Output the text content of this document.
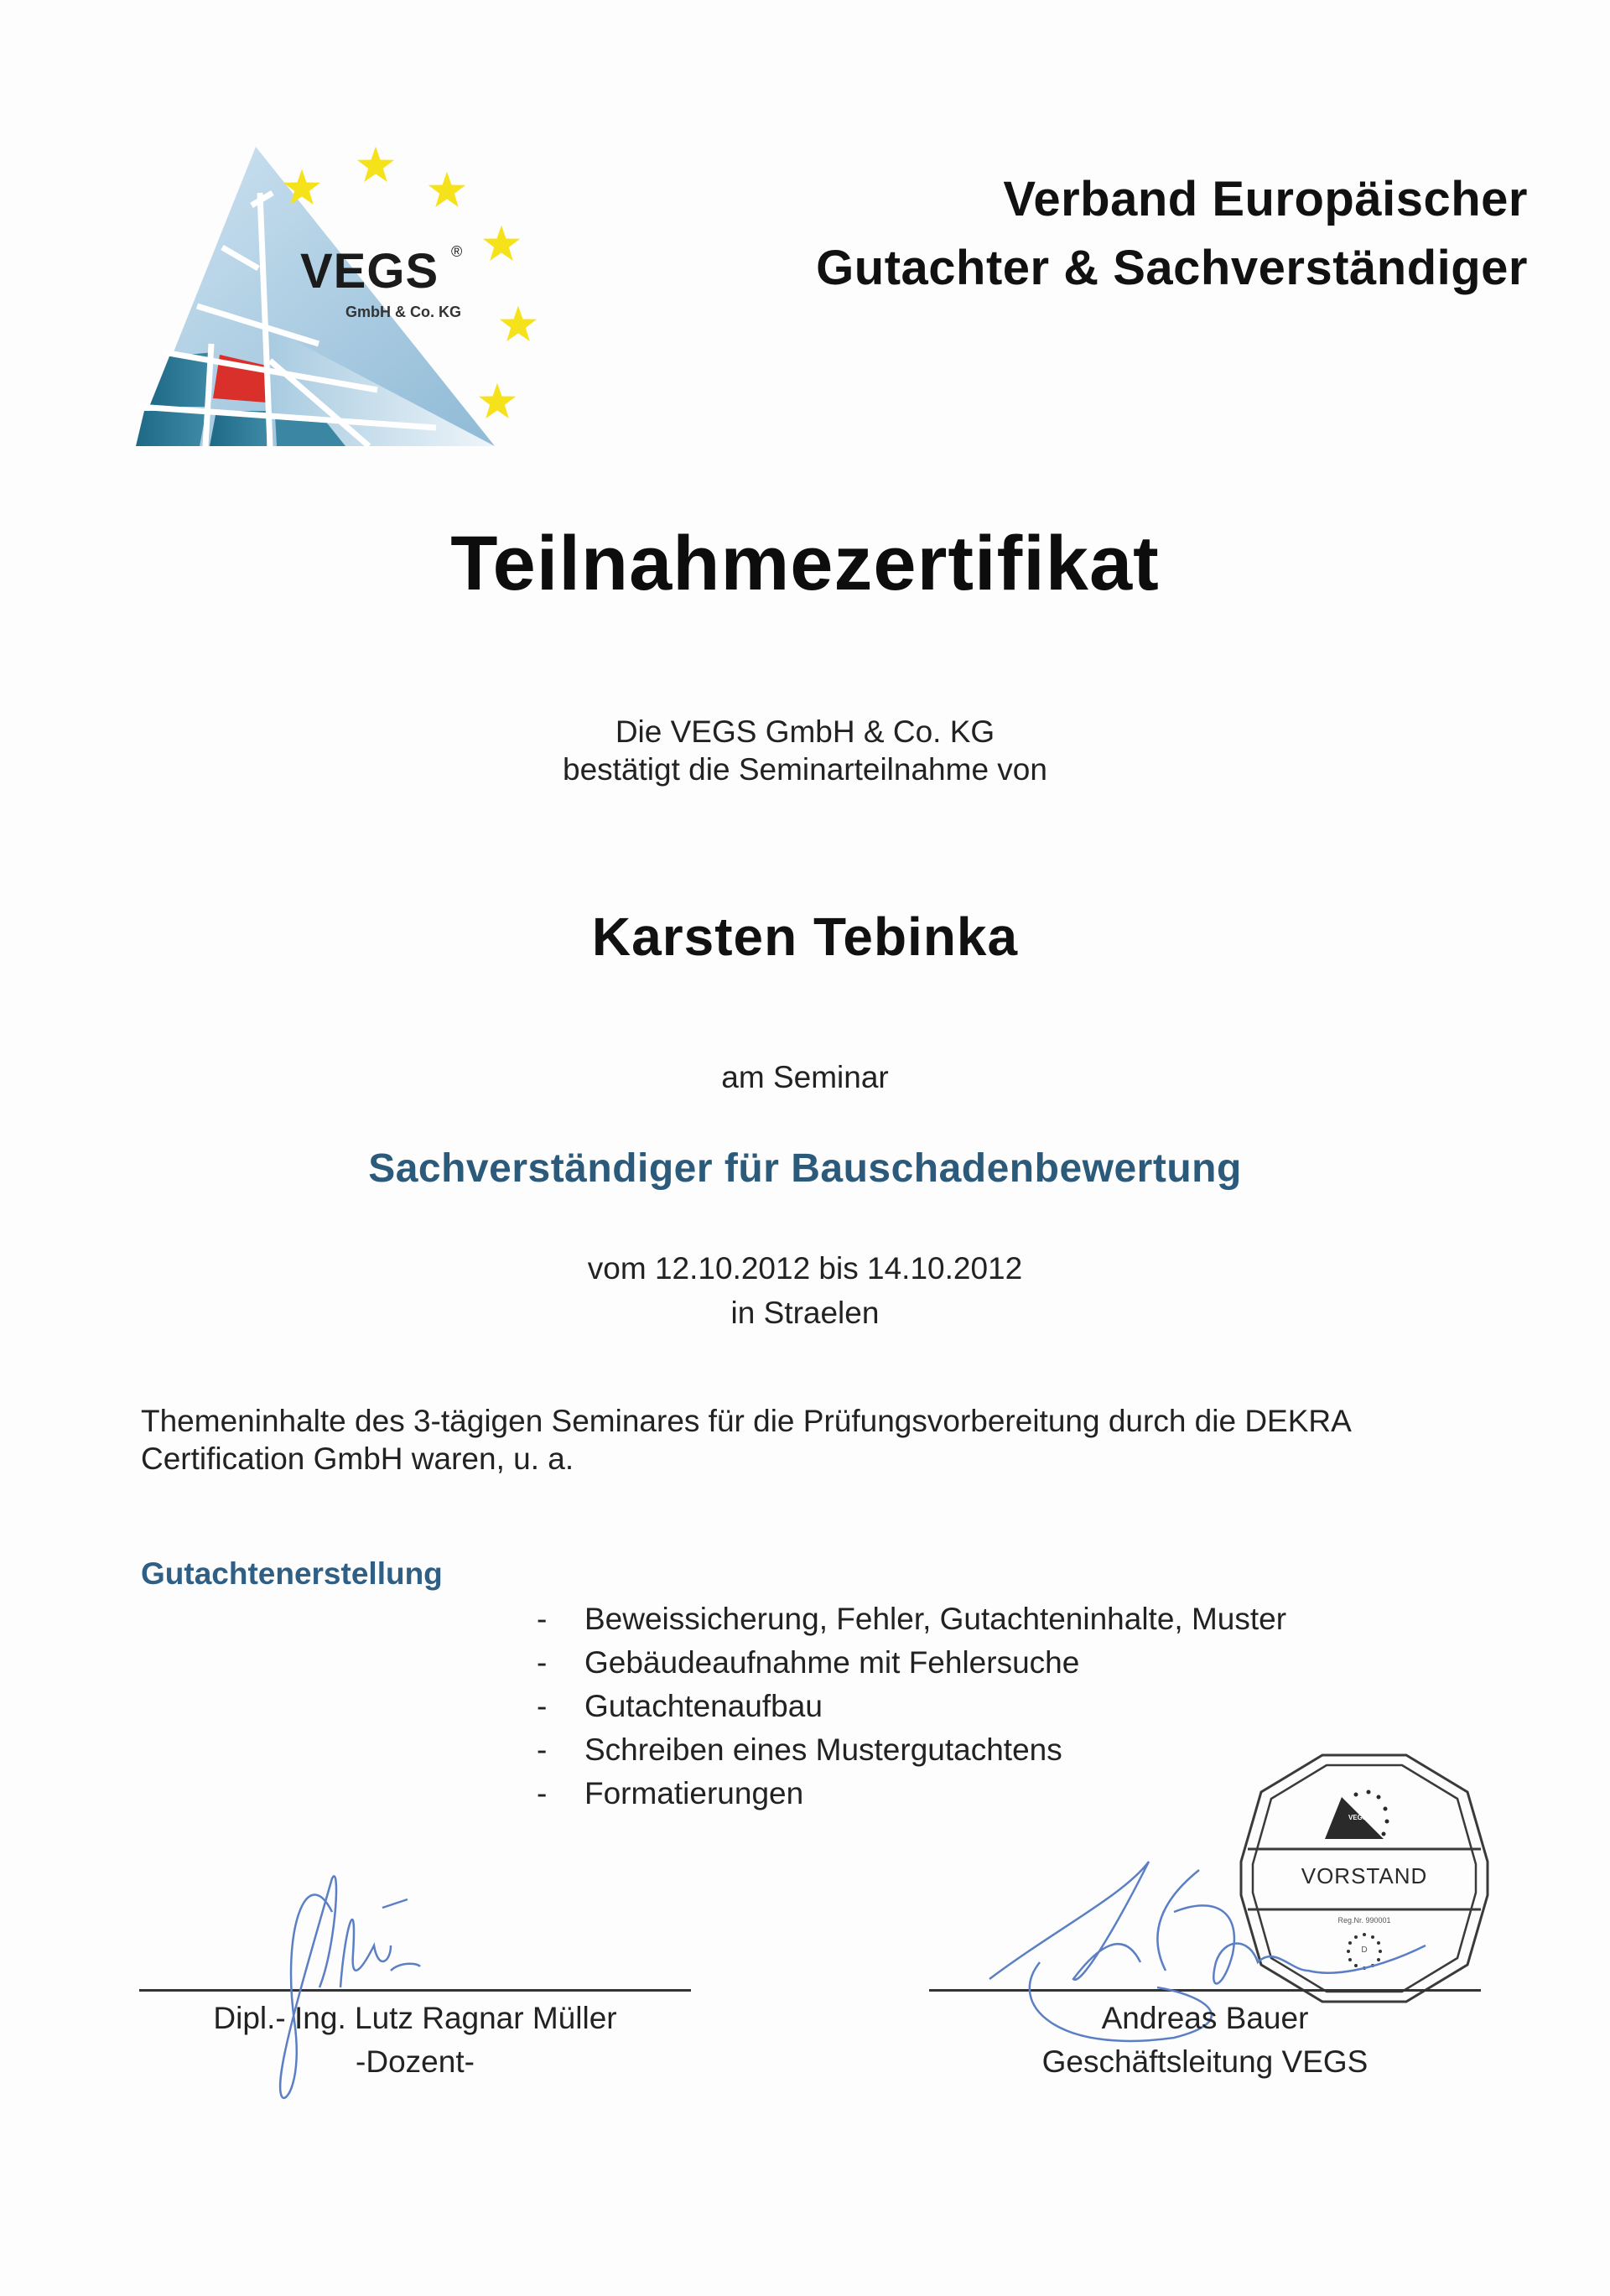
VEGS ®
GmbH & Co. KG
Verband Europäischer
Gutachter & Sachverständiger
Teilnahmezertifikat
Die VEGS GmbH & Co. KG
bestätigt die Seminarteilnahme von
Karsten Tebinka
am Seminar
Sachverständiger für Bauschadenbewertung
vom 12.10.2012 bis 14.10.2012
in Straelen
Themeninhalte des 3-tägigen Seminares für die Prüfungsvorbereitung durch die DEKRA
Certification GmbH waren, u. a.
Gutachtenerstellung
- Beweissicherung, Fehler, Gutachteninhalte, Muster
- Gebäudeaufnahme mit Fehlersuche
- Gutachtenaufbau
- Schreiben eines Mustergutachtens
- Formatierungen
VORSTAND
Reg.Nr. 990001
D
VEGS
Dipl.- Ing. Lutz Ragnar Müller
-Dozent-
Andreas Bauer
Geschäftsleitung VEGS
